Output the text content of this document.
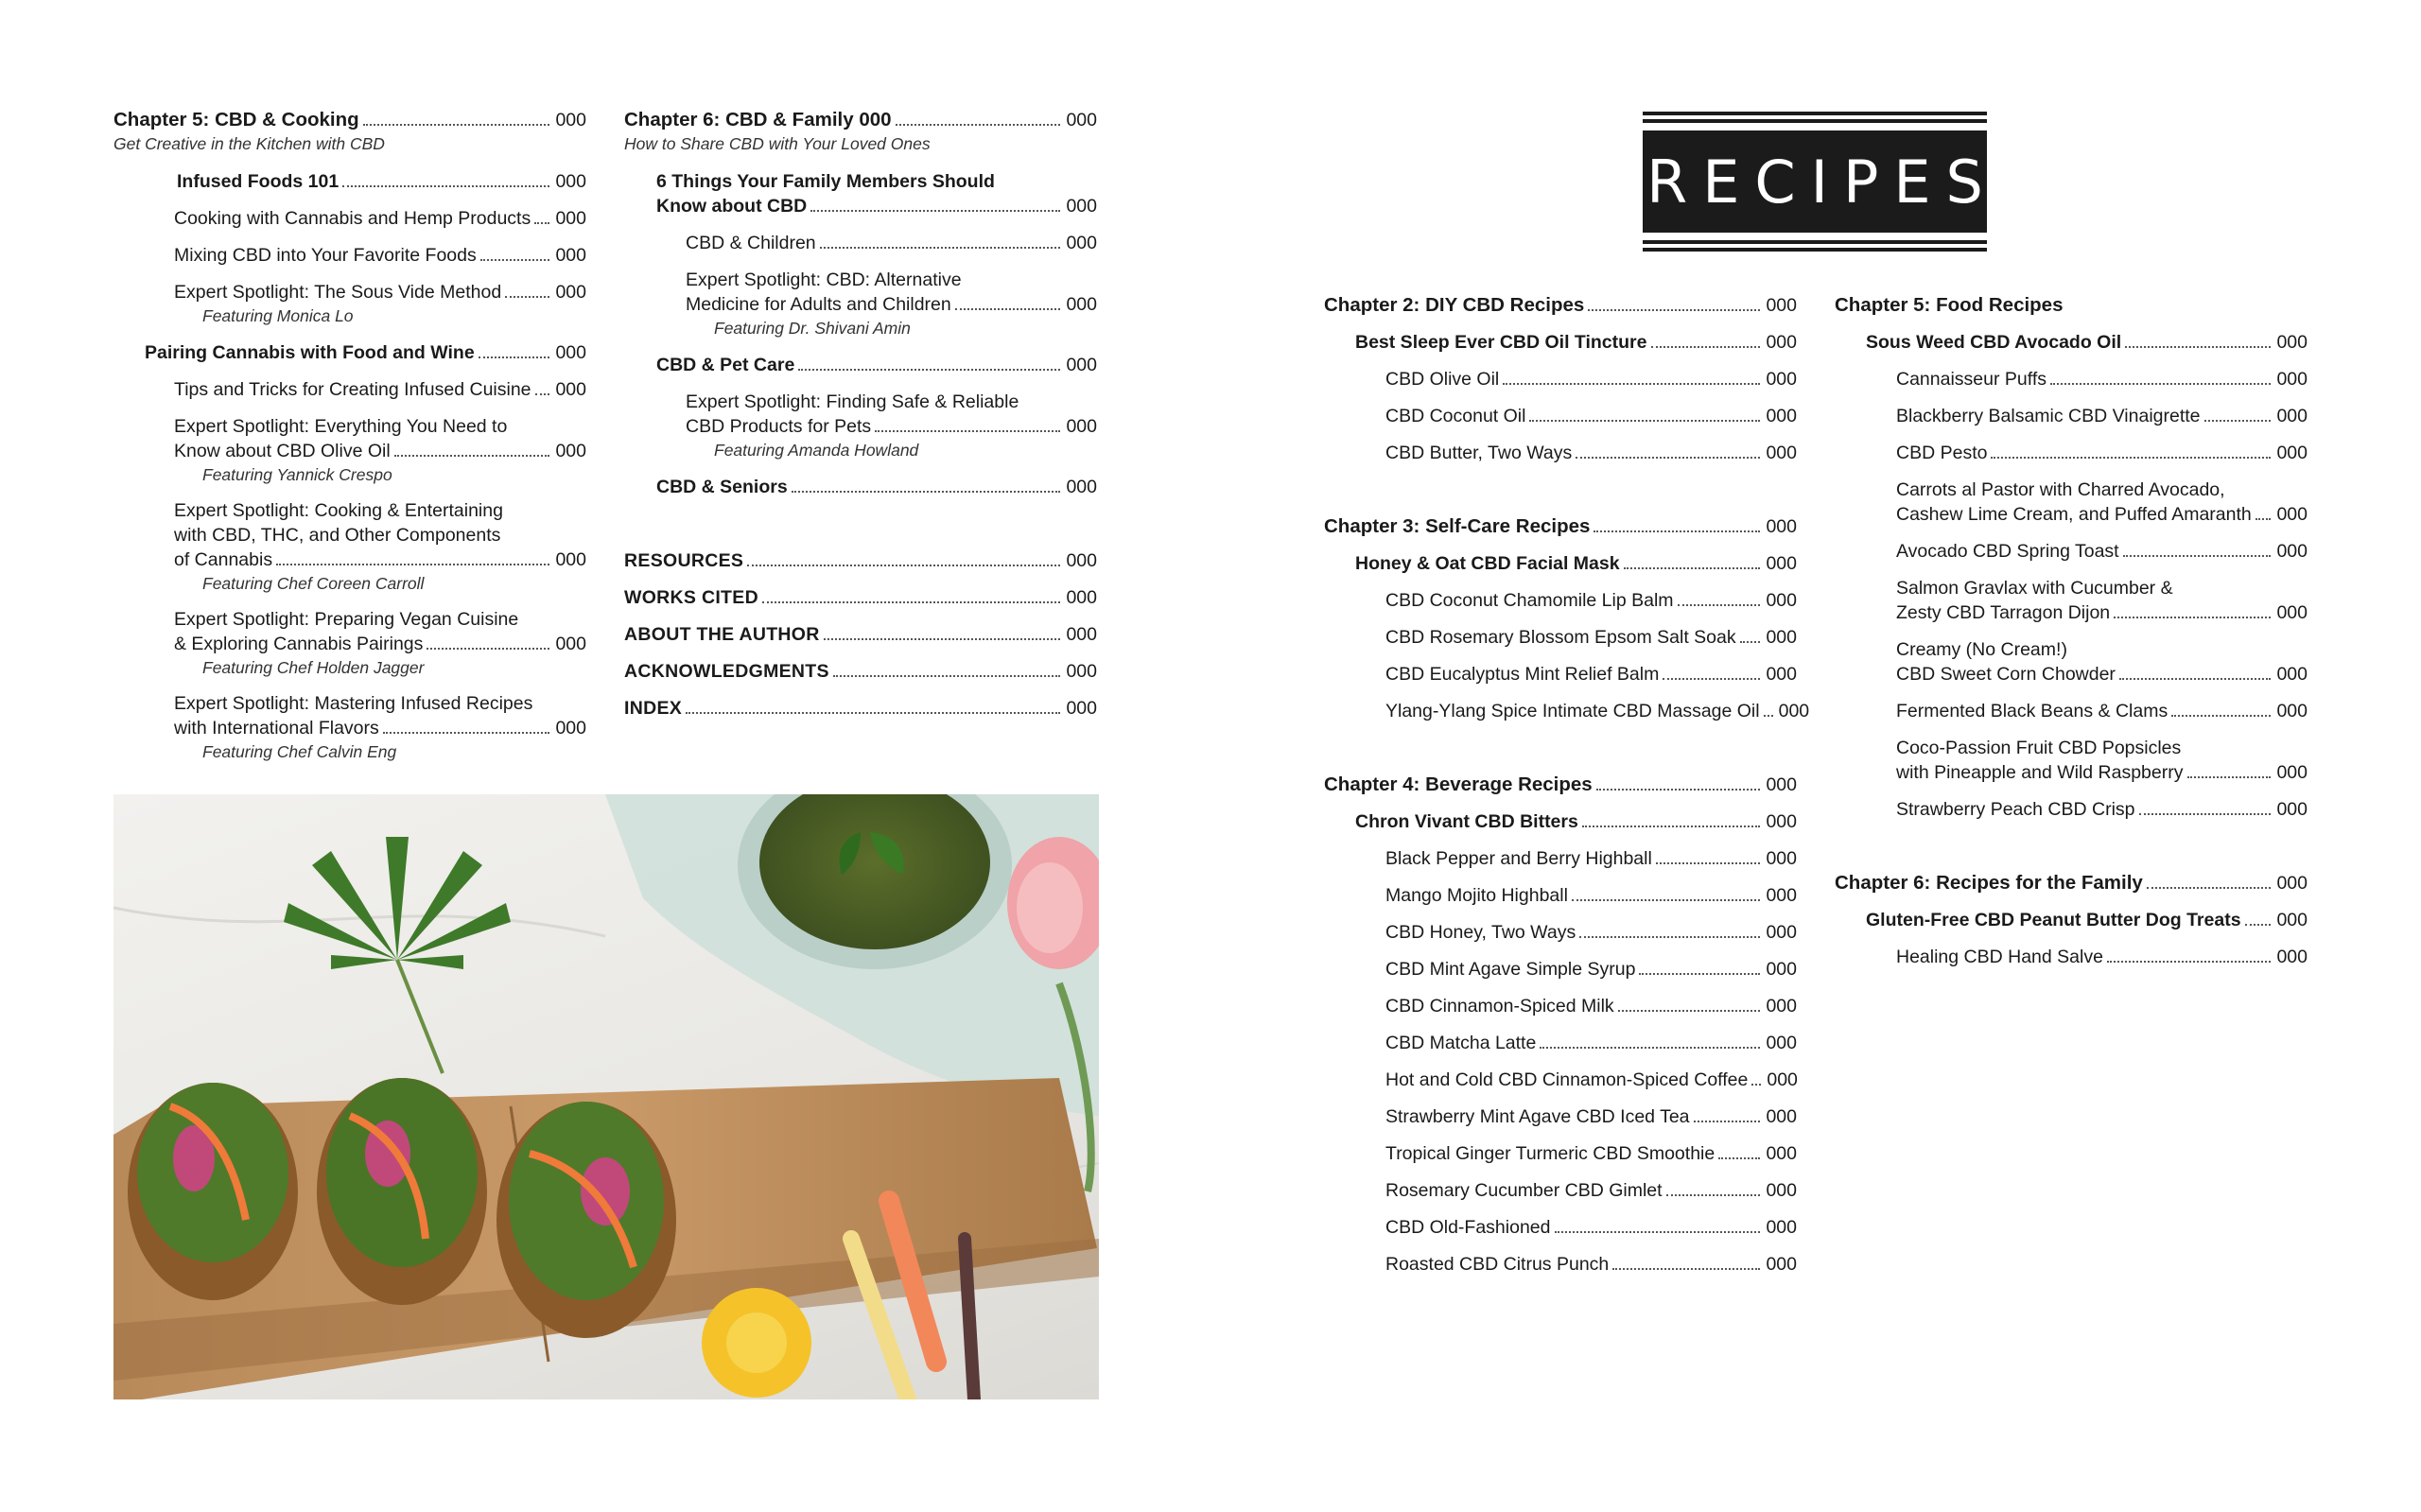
Chapter 5: CBD & Cooking	000
Get Creative in the Kitchen with CBD
Infused Foods 101	000
Cooking with Cannabis and Hemp Products 000
Mixing CBD into Your Favorite Foods	000
Expert Spotlight: The Sous Vide Method	000
Featuring Monica Lo
Pairing Cannabis with Food and Wine	000
Tips and Tricks for Creating Infused Cuisine 000
Expert Spotlight: Everything You Need to
Know about CBD Olive Oil	000
Featuring Yannick Crespo
Expert Spotlight: Cooking & Entertaining
with CBD, THC, and Other Components
of Cannabis	000
Featuring Chef Coreen Carroll
Expert Spotlight: Preparing Vegan Cuisine
& Exploring Cannabis Pairings	000
Featuring Chef Holden Jagger
Expert Spotlight: Mastering Infused Recipes
with International Flavors	000
Featuring Chef Calvin Eng
Chapter 6: CBD & Family 000	000
How to Share CBD with Your Loved Ones
6 Things Your Family Members Should
Know about CBD	000
CBD & Children	000
Expert Spotlight: CBD: Alternative
Medicine for Adults and Children	000
Featuring Dr. Shivani Amin
CBD & Pet Care	000
Expert Spotlight: Finding Safe & Reliable
CBD Products for Pets	000
Featuring Amanda Howland
CBD & Seniors	000
RESOURCES	000
WORKS CITED	000
ABOUT THE AUTHOR	000
ACKNOWLEDGMENTS	000
INDEX	000
RECIPES
Chapter 2: DIY CBD Recipes	000
Best Sleep Ever CBD Oil Tincture	000
CBD Olive Oil	000
CBD Coconut Oil	000
CBD Butter, Two Ways	000
Chapter 3: Self-Care Recipes	000
Honey & Oat CBD Facial Mask	000
CBD Coconut Chamomile Lip Balm	000
CBD Rosemary Blossom Epsom Salt Soak 000
CBD Eucalyptus Mint Relief Balm	000
Ylang-Ylang Spice Intimate CBD Massage Oil 000
Chapter 4: Beverage Recipes	000
Chron Vivant CBD Bitters	000
Black Pepper and Berry Highball	000
Mango Mojito Highball	000
CBD Honey, Two Ways	000
CBD Mint Agave Simple Syrup	000
CBD Cinnamon-Spiced Milk	000
CBD Matcha Latte	000
Hot and Cold CBD Cinnamon-Spiced Coffee 000
Strawberry Mint Agave CBD Iced Tea	000
Tropical Ginger Turmeric CBD Smoothie	000
Rosemary Cucumber CBD Gimlet	000
CBD Old-Fashioned	000
Roasted CBD Citrus Punch	000
Chapter 5: Food Recipes
Sous Weed CBD Avocado Oil	000
Cannaisseur Puffs	000
Blackberry Balsamic CBD Vinaigrette	000
CBD Pesto	000
Carrots al Pastor with Charred Avocado,
Cashew Lime Cream, and Puffed Amaranth 000
Avocado CBD Spring Toast	000
Salmon Gravlax with Cucumber &
Zesty CBD Tarragon Dijon	000
Creamy (No Cream!)
CBD Sweet Corn Chowder	000
Fermented Black Beans & Clams	000
Coco-Passion Fruit CBD Popsicles
with Pineapple and Wild Raspberry	000
Strawberry Peach CBD Crisp	000
Chapter 6: Recipes for the Family	000
Gluten-Free CBD Peanut Butter Dog Treats 000
Healing CBD Hand Salve	000
